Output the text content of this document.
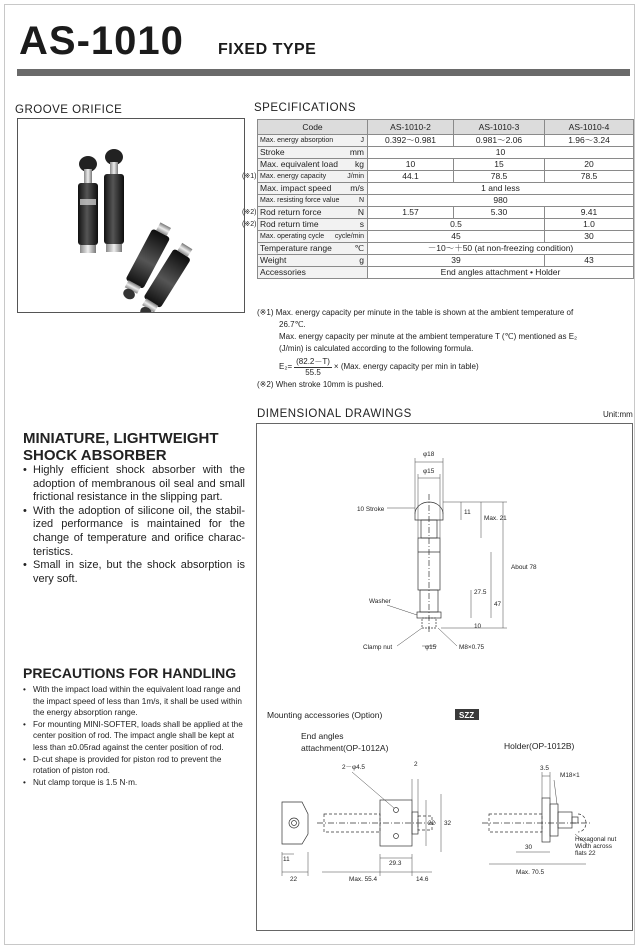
AS-1010 FIXED TYPE
GROOVE ORIFICE
MINIATURE, LIGHTWEIGHT
SHOCK ABSORBER
• Highly efficient shock absorber with the adoption of membranous oil seal and small frictional resistance in the slipping part.
• With the adoption of silicone oil, the stabil-ized performance is maintained for the change of temperature and orifice charac-teristics.
• Small in size, but the shock absorption is very soft.
PRECAUTIONS FOR HANDLING
• With the impact load within the equivalent load range and the impact speed of less than 1m/s, it shall be used within the energy absorption range.
• For mounting MINI-SOFTER, loads shall be applied at the center position of rod. The impact angle shall be kept at less than ±0.05rad against the center position of rod.
• D-cut shape is provided for piston rod to prevent the rotation of piston rod.
• Nut clamp torque is 1.5 N·m.
SPECIFICATIONS
Code	AS-1010-2	AS-1010-3	AS-1010-4
Max. energy absorption J	0.392～0.981	0.981～2.06	1.96～3.24
Stroke mm	10		
Max. equivalent load kg	10	15	20

(※1) Max. energy capacity J/min	44.1	78.5	78.5
Max. impact speed m/s	1 and less		
Max. resisting force value N	980		

(※2) Rod return force N	1.57	5.30	9.41

(※2) Rod return time s	0.5		1.0
Max. operating cycle cycle/min	45		30
Temperature range ℃	－10～＋50 (at non-freezing condition)		
Weight g	39		43
Accessories	End angles attachment • Holder		

(※1) Max. energy capacity per minute in the table is shown at the ambient temperature of

26.7℃.

Max. energy capacity per minute at the ambient temperature T (℃) mentioned as E₂

(J/min) is calculated according to the following formula.

$E_2= \frac{(82.2-T)}{55.5} \times (Max$. energy capacity per min in table)

(※2) When stroke 10mm is pushed.

DIMENSIONAL DRAWINGS	Unit:mm
φ18
φ15
10 Stroke	11
Max. 21
About 78
47
27.5
10
Washer
Clamp nut	φ15	M8×0.75
Mounting accessories (Option)	SZZ
End angles
attachment(OP-1012A)	Holder(OP-1012B)
2－φ4.5	2
22 32
11
22
29.3
Max. 55.4	14.6
3.5
M18×1
Hexagonal nut
Width across
flats 22
30
Max. 70.5
